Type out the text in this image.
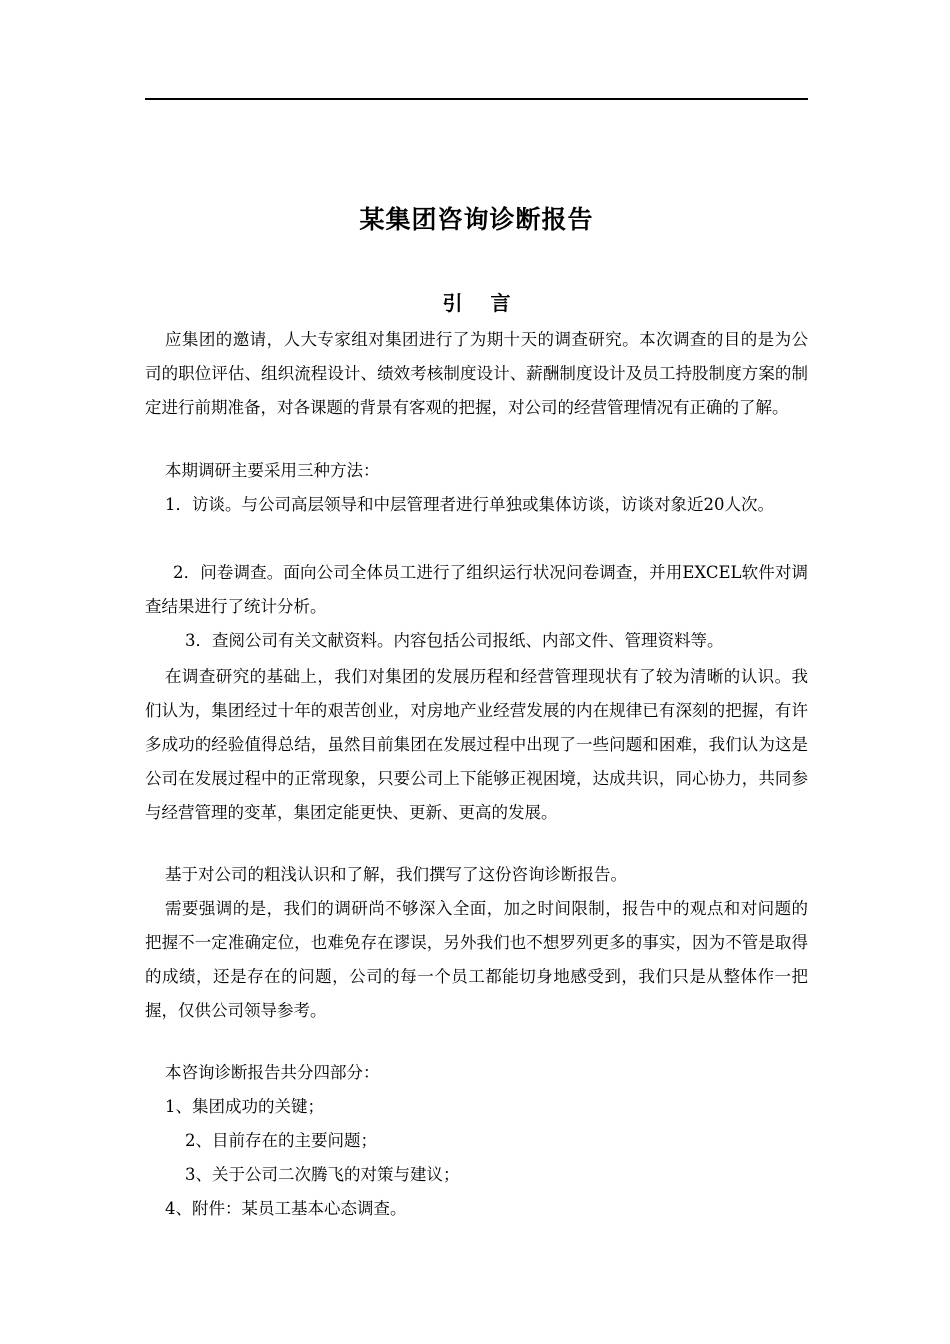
某集团咨询诊断报告
引言
应集团的邀请，人大专家组对集团进行了为期十天的调查研究。本次调查的目的是为公司的职位评估、组织流程设计、绩效考核制度设计、薪酬制度设计及员工持股制度方案的制定进行前期准备，对各课题的背景有客观的把握，对公司的经营管理情况有正确的了解。
本期调研主要采用三种方法：
1．访谈。与公司高层领导和中层管理者进行单独或集体访谈，访谈对象近20人次。
2．问卷调查。面向公司全体员工进行了组织运行状况问卷调查，并用EXCEL软件对调查结果进行了统计分析。
3．查阅公司有关文献资料。内容包括公司报纸、内部文件、管理资料等。
在调查研究的基础上，我们对集团的发展历程和经营管理现状有了较为清晰的认识。我们认为，集团经过十年的艰苦创业，对房地产业经营发展的内在规律已有深刻的把握，有许多成功的经验值得总结，虽然目前集团在发展过程中出现了一些问题和困难，我们认为这是公司在发展过程中的正常现象，只要公司上下能够正视困境，达成共识，同心协力，共同参与经营管理的变革，集团定能更快、更新、更高的发展。
基于对公司的粗浅认识和了解，我们撰写了这份咨询诊断报告。
需要强调的是，我们的调研尚不够深入全面，加之时间限制，报告中的观点和对问题的把握不一定准确定位，也难免存在谬误，另外我们也不想罗列更多的事实，因为不管是取得的成绩，还是存在的问题，公司的每一个员工都能切身地感受到，我们只是从整体作一把握，仅供公司领导参考。
本咨询诊断报告共分四部分：
1、集团成功的关键；
2、目前存在的主要问题；
3、关于公司二次腾飞的对策与建议；
4、附件：某员工基本心态调查。
